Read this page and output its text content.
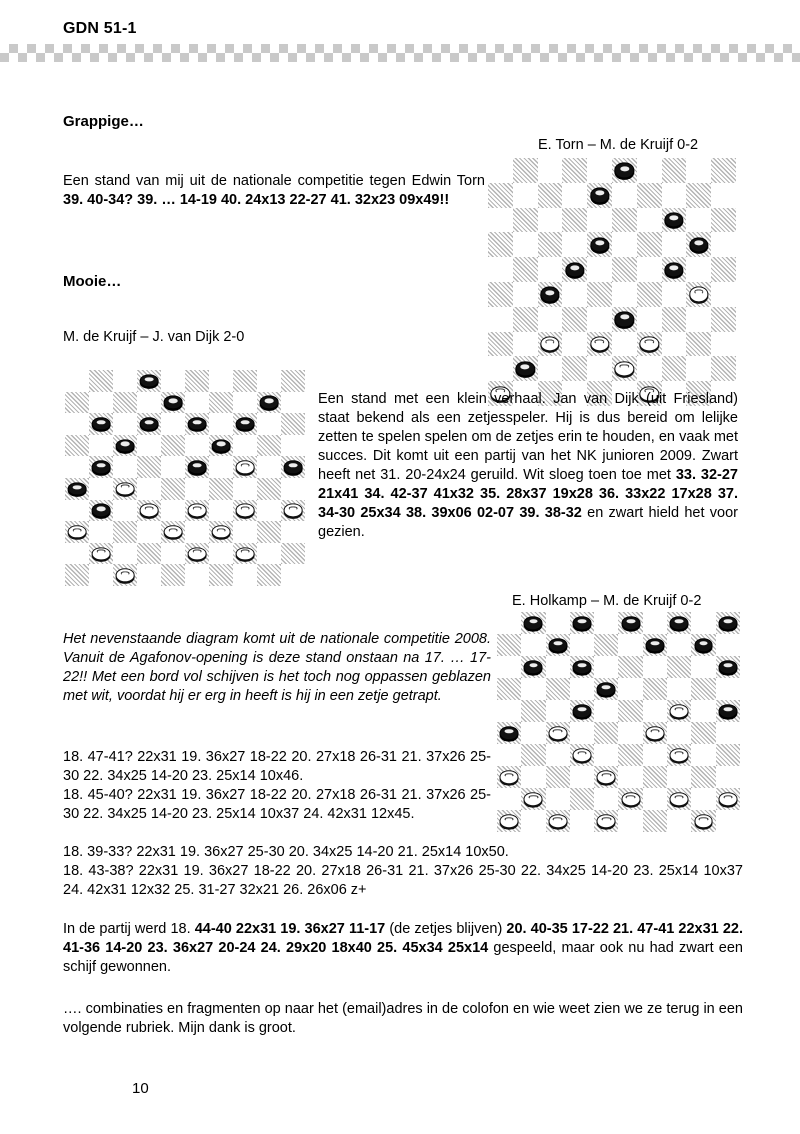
GDN 51-1
Grappige…
Een stand van mij uit de nationale competitie tegen Edwin Torn 39. 40-34? 39. … 14-19 40. 24x13 22-27 41. 32x23 09x49!!
E. Torn – M. de Kruijf 0-2
Mooie…
M. de Kruijf – J. van Dijk 2-0
Een stand met een klein verhaal. Jan van Dijk (uit Friesland) staat bekend als een zetjesspeler. Hij is dus bereid om lelijke zetten te spelen spelen om de zetjes erin te houden, en vaak met succes. Dit komt uit een partij van het NK junioren 2009. Zwart heeft net 31. 20-24x24 geruild. Wit sloeg toen toe met 33. 32-27 21x41 34. 42-37 41x32 35. 28x37 19x28 36. 33x22 17x28 37. 34-30 25x34 38. 39x06 02-07 39. 38-32 en zwart hield het voor gezien.
E. Holkamp – M. de Kruijf 0-2
Het nevenstaande diagram komt uit de nationale competitie 2008. Vanuit de Agafonov-opening is deze stand onstaan na 17. … 17-22!! Met een bord vol schijven is het toch nog oppassen geblazen met wit, voordat hij er erg in heeft is hij in een zetje getrapt.
18. 47-41? 22x31 19. 36x27 18-22 20. 27x18 26-31 21. 37x26 25-30 22. 34x25 14-20 23. 25x14 10x46.
18. 45-40? 22x31 19. 36x27 18-22 20. 27x18 26-31 21. 37x26 25-30 22. 34x25 14-20 23. 25x14 10x37 24. 42x31 12x45.
18. 39-33? 22x31 19. 36x27 25-30 20. 34x25 14-20 21. 25x14 10x50.
18. 43-38? 22x31 19. 36x27 18-22 20. 27x18 26-31 21. 37x26 25-30 22. 34x25 14-20 23. 25x14 10x37 24. 42x31 12x32 25. 31-27 32x21 26. 26x06 z+
In de partij werd 18. 44-40 22x31 19. 36x27 11-17 (de zetjes blijven) 20. 40-35 17-22 21. 47-41 22x31 22. 41-36 14-20 23. 36x27 20-24 24. 29x20 18x40 25. 45x34 25x14 gespeeld, maar ook nu had zwart een schijf gewonnen.
…. combinaties en fragmenten op naar het (email)adres in de colofon en wie weet zien we ze terug in een volgende rubriek. Mijn dank is groot.
10
